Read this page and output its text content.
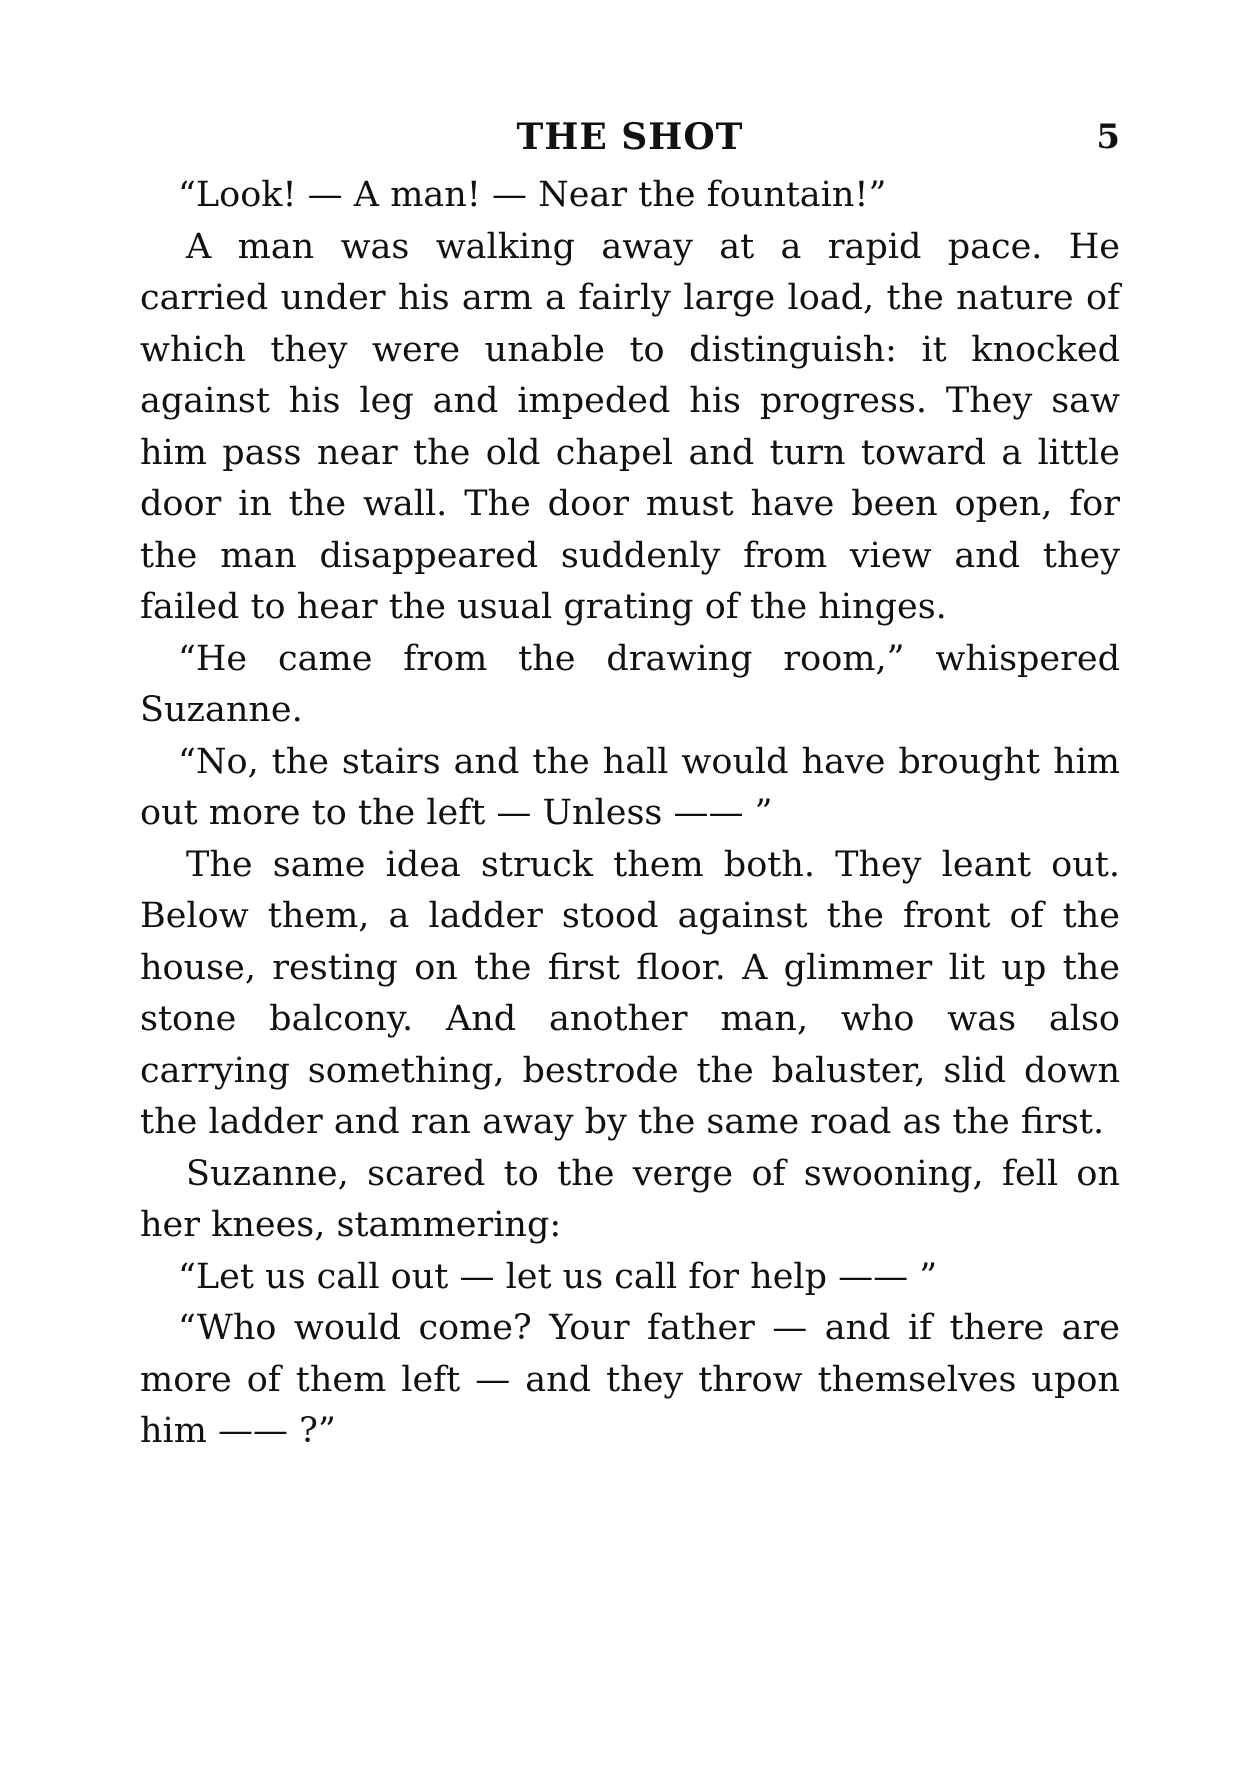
THE SHOT	5

“Look! — A man! — Near the fountain!”

A man was walking away at a rapid pace. He carried under his arm a fairly large load, the nature of which they were unable to distinguish: it knocked against his leg and impeded his progress. They saw him pass near the old chapel and turn toward a little door in the wall. The door must have been open, for the man disappeared suddenly from view and they failed to hear the usual grating of the hinges.

“He came from the drawing room,” whispered Suzanne.

“No, the stairs and the hall would have brought him out more to the left — Unless —— ”

The same idea struck them both. They leant out. Below them, a ladder stood against the front of the house, resting on the first floor. A glimmer lit up the stone balcony. And another man, who was also carrying something, bestrode the baluster, slid down the ladder and ran away by the same road as the first.

Suzanne, scared to the verge of swooning, fell on her knees, stammering:

“Let us call out — let us call for help —— ”

“Who would come? Your father — and if there are more of them left — and they throw themselves upon him —— ?”
